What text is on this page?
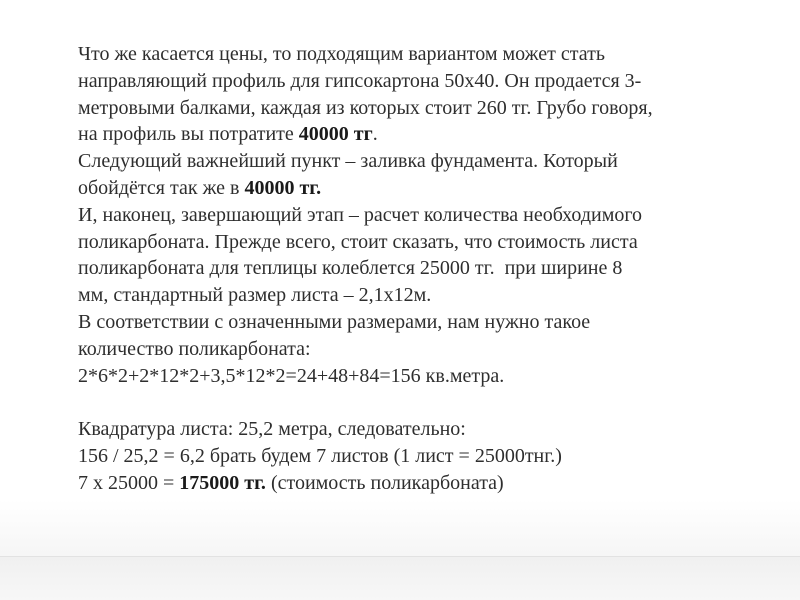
Что же касается цены, то подходящим вариантом может стать
направляющий профиль для гипсокартона 50х40. Он продается 3-
метровыми балками, каждая из которых стоит 260 тг. Грубо говоря,
на профиль вы потратите 40000 тг.
Следующий важнейший пункт – заливка фундамента. Который
обойдётся так же в 40000 тг.
И, наконец, завершающий этап – расчет количества необходимого
поликарбоната. Прежде всего, стоит сказать, что стоимость листа
поликарбоната для теплицы колеблется 25000 тг.  при ширине 8
мм, стандартный размер листа – 2,1х12м.
В соответствии с означенными размерами, нам нужно такое
количество поликарбоната:
2*6*2+2*12*2+3,5*12*2=24+48+84=156 кв.метра.
Квадратура листа: 25,2 метра, следовательно:
156 / 25,2 = 6,2 брать будем 7 листов (1 лист = 25000тнг.)
7 х 25000 = 175000 тг. (стоимость поликарбоната)
